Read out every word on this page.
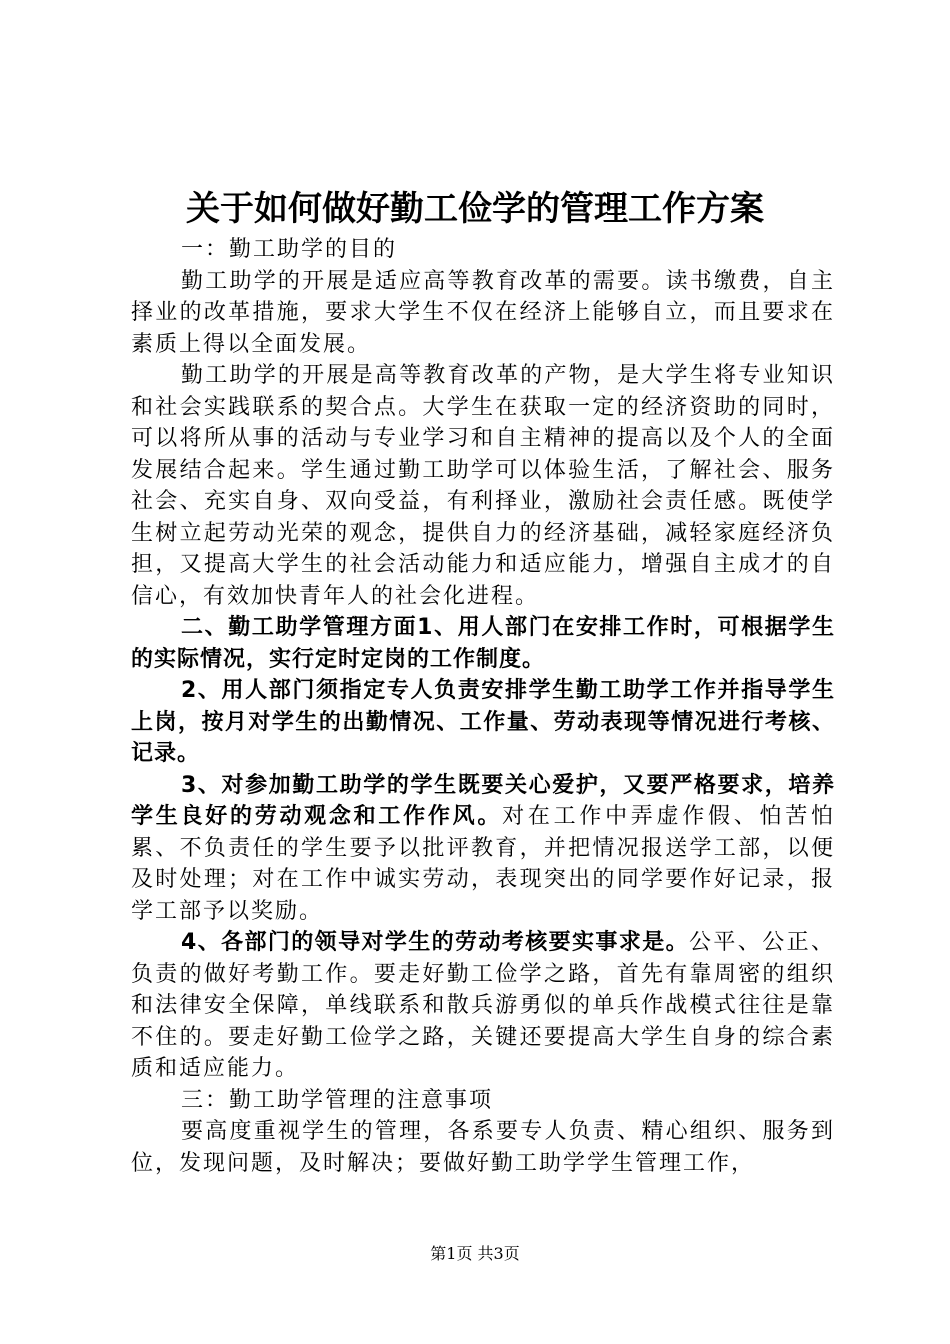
关于如何做好勤工俭学的管理工作方案

一：勤工助学的目的

勤工助学的开展是适应高等教育改革的需要。读书缴费，自主择业的改革措施，要求大学生不仅在经济上能够自立，而且要求在素质上得以全面发展。

勤工助学的开展是高等教育改革的产物，是大学生将专业知识和社会实践联系的契合点。大学生在获取一定的经济资助的同时，可以将所从事的活动与专业学习和自主精神的提高以及个人的全面发展结合起来。学生通过勤工助学可以体验生活，了解社会、服务社会、充实自身、双向受益，有利择业，激励社会责任感。既使学生树立起劳动光荣的观念，提供自力的经济基础，减轻家庭经济负担，又提高大学生的社会活动能力和适应能力，增强自主成才的自信心，有效加快青年人的社会化进程。

二、勤工助学管理方面1、用人部门在安排工作时，可根据学生的实际情况，实行定时定岗的工作制度。

2、用人部门须指定专人负责安排学生勤工助学工作并指导学生上岗，按月对学生的出勤情况、工作量、劳动表现等情况进行考核、记录。

3、对参加勤工助学的学生既要关心爱护，又要严格要求，培养学生良好的劳动观念和工作作风。对在工作中弄虚作假、怕苦怕累、不负责任的学生要予以批评教育，并把情况报送学工部，以便及时处理；对在工作中诚实劳动，表现突出的同学要作好记录，报学工部予以奖励。

4、各部门的领导对学生的劳动考核要实事求是。公平、公正、负责的做好考勤工作。要走好勤工俭学之路，首先有靠周密的组织和法律安全保障，单线联系和散兵游勇似的单兵作战模式往往是靠不住的。要走好勤工俭学之路，关键还要提高大学生自身的综合素质和适应能力。

三：勤工助学管理的注意事项

要高度重视学生的管理，各系要专人负责、精心组织、服务到位，发现问题，及时解决；要做好勤工助学学生管理工作，

第1页 共3页
